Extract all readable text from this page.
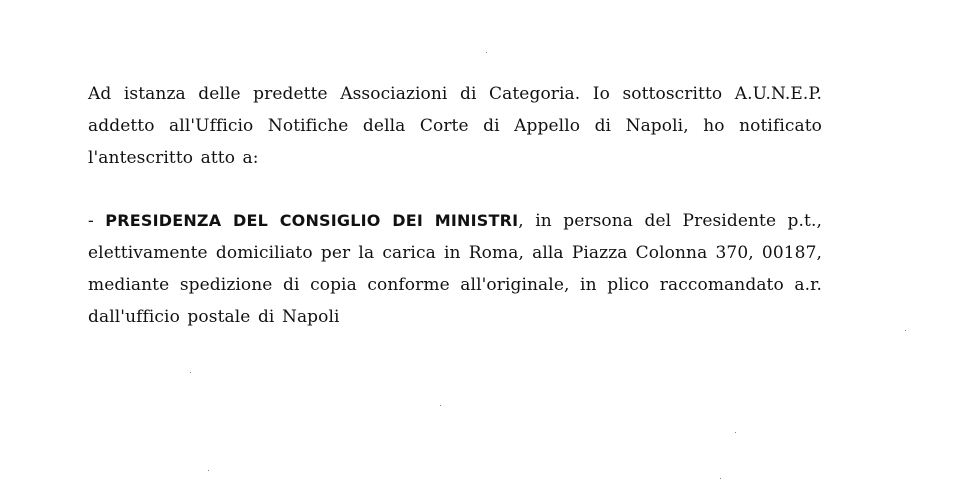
Ad istanza delle predette Associazioni di Categoria. Io sottoscritto A.U.N.E.P.
addetto all'Ufficio Notifiche della Corte di Appello di Napoli, ho notificato
l'antescritto atto a:
- PRESIDENZA DEL CONSIGLIO DEI MINISTRI, in persona del Presidente p.t.,
elettivamente domiciliato per la carica in Roma, alla Piazza Colonna 370, 00187,
mediante spedizione di copia conforme all'originale, in plico raccomandato a.r.
dall'ufficio postale di Napoli
